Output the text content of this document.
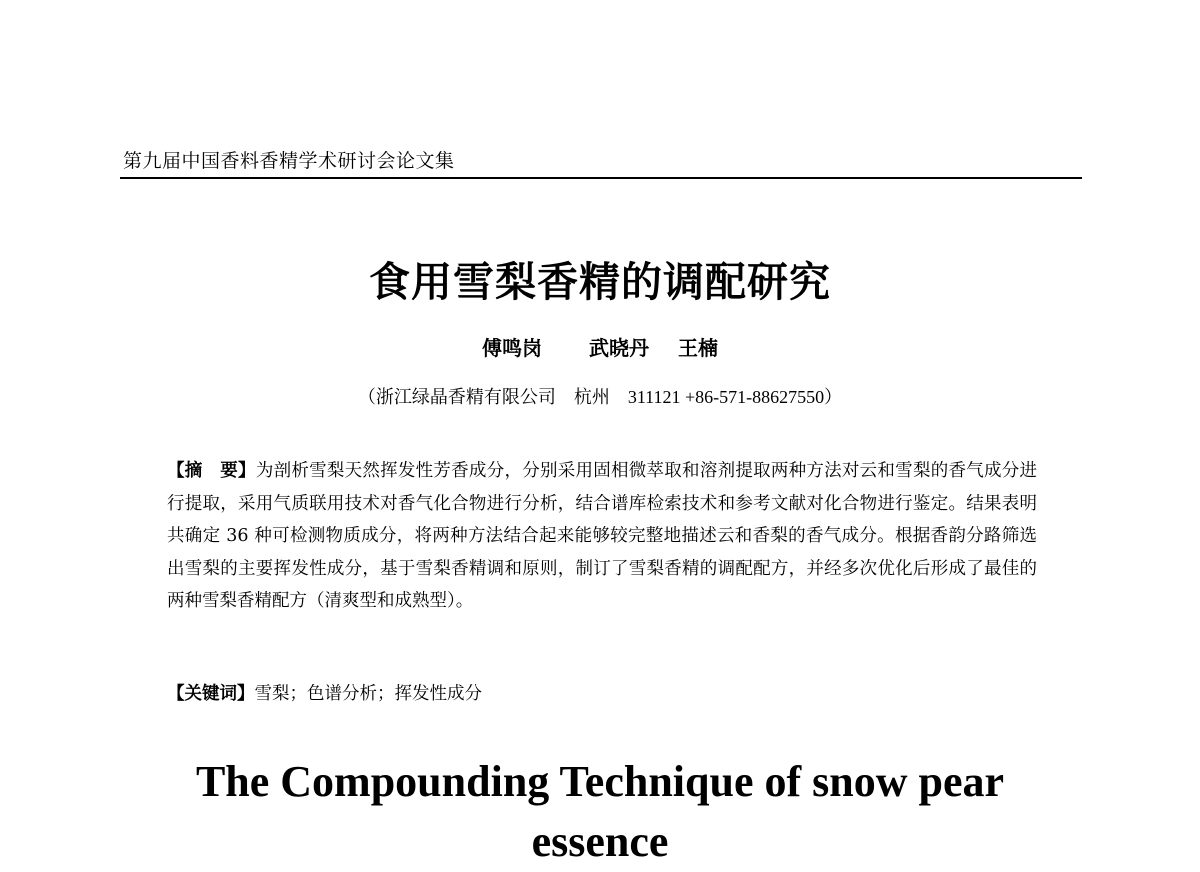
第九届中国香料香精学术研讨会论文集
食用雪梨香精的调配研究
傅鸣岗 武晓丹 王楠
（浙江绿晶香精有限公司　杭州　311121 +86-571-88627550）
【摘　要】为剖析雪梨天然挥发性芳香成分，分别采用固相微萃取和溶剂提取两种方法对云和雪梨的香气成分进行提取，采用气质联用技术对香气化合物进行分析，结合谱库检索技术和参考文献对化合物进行鉴定。结果表明共确定 36 种可检测物质成分，将两种方法结合起来能够较完整地描述云和香梨的香气成分。根据香韵分路筛选出雪梨的主要挥发性成分，基于雪梨香精调和原则，制订了雪梨香精的调配配方，并经多次优化后形成了最佳的两种雪梨香精配方（清爽型和成熟型）。
【关键词】雪梨；色谱分析；挥发性成分
The Compounding Technique of snow pear essence
